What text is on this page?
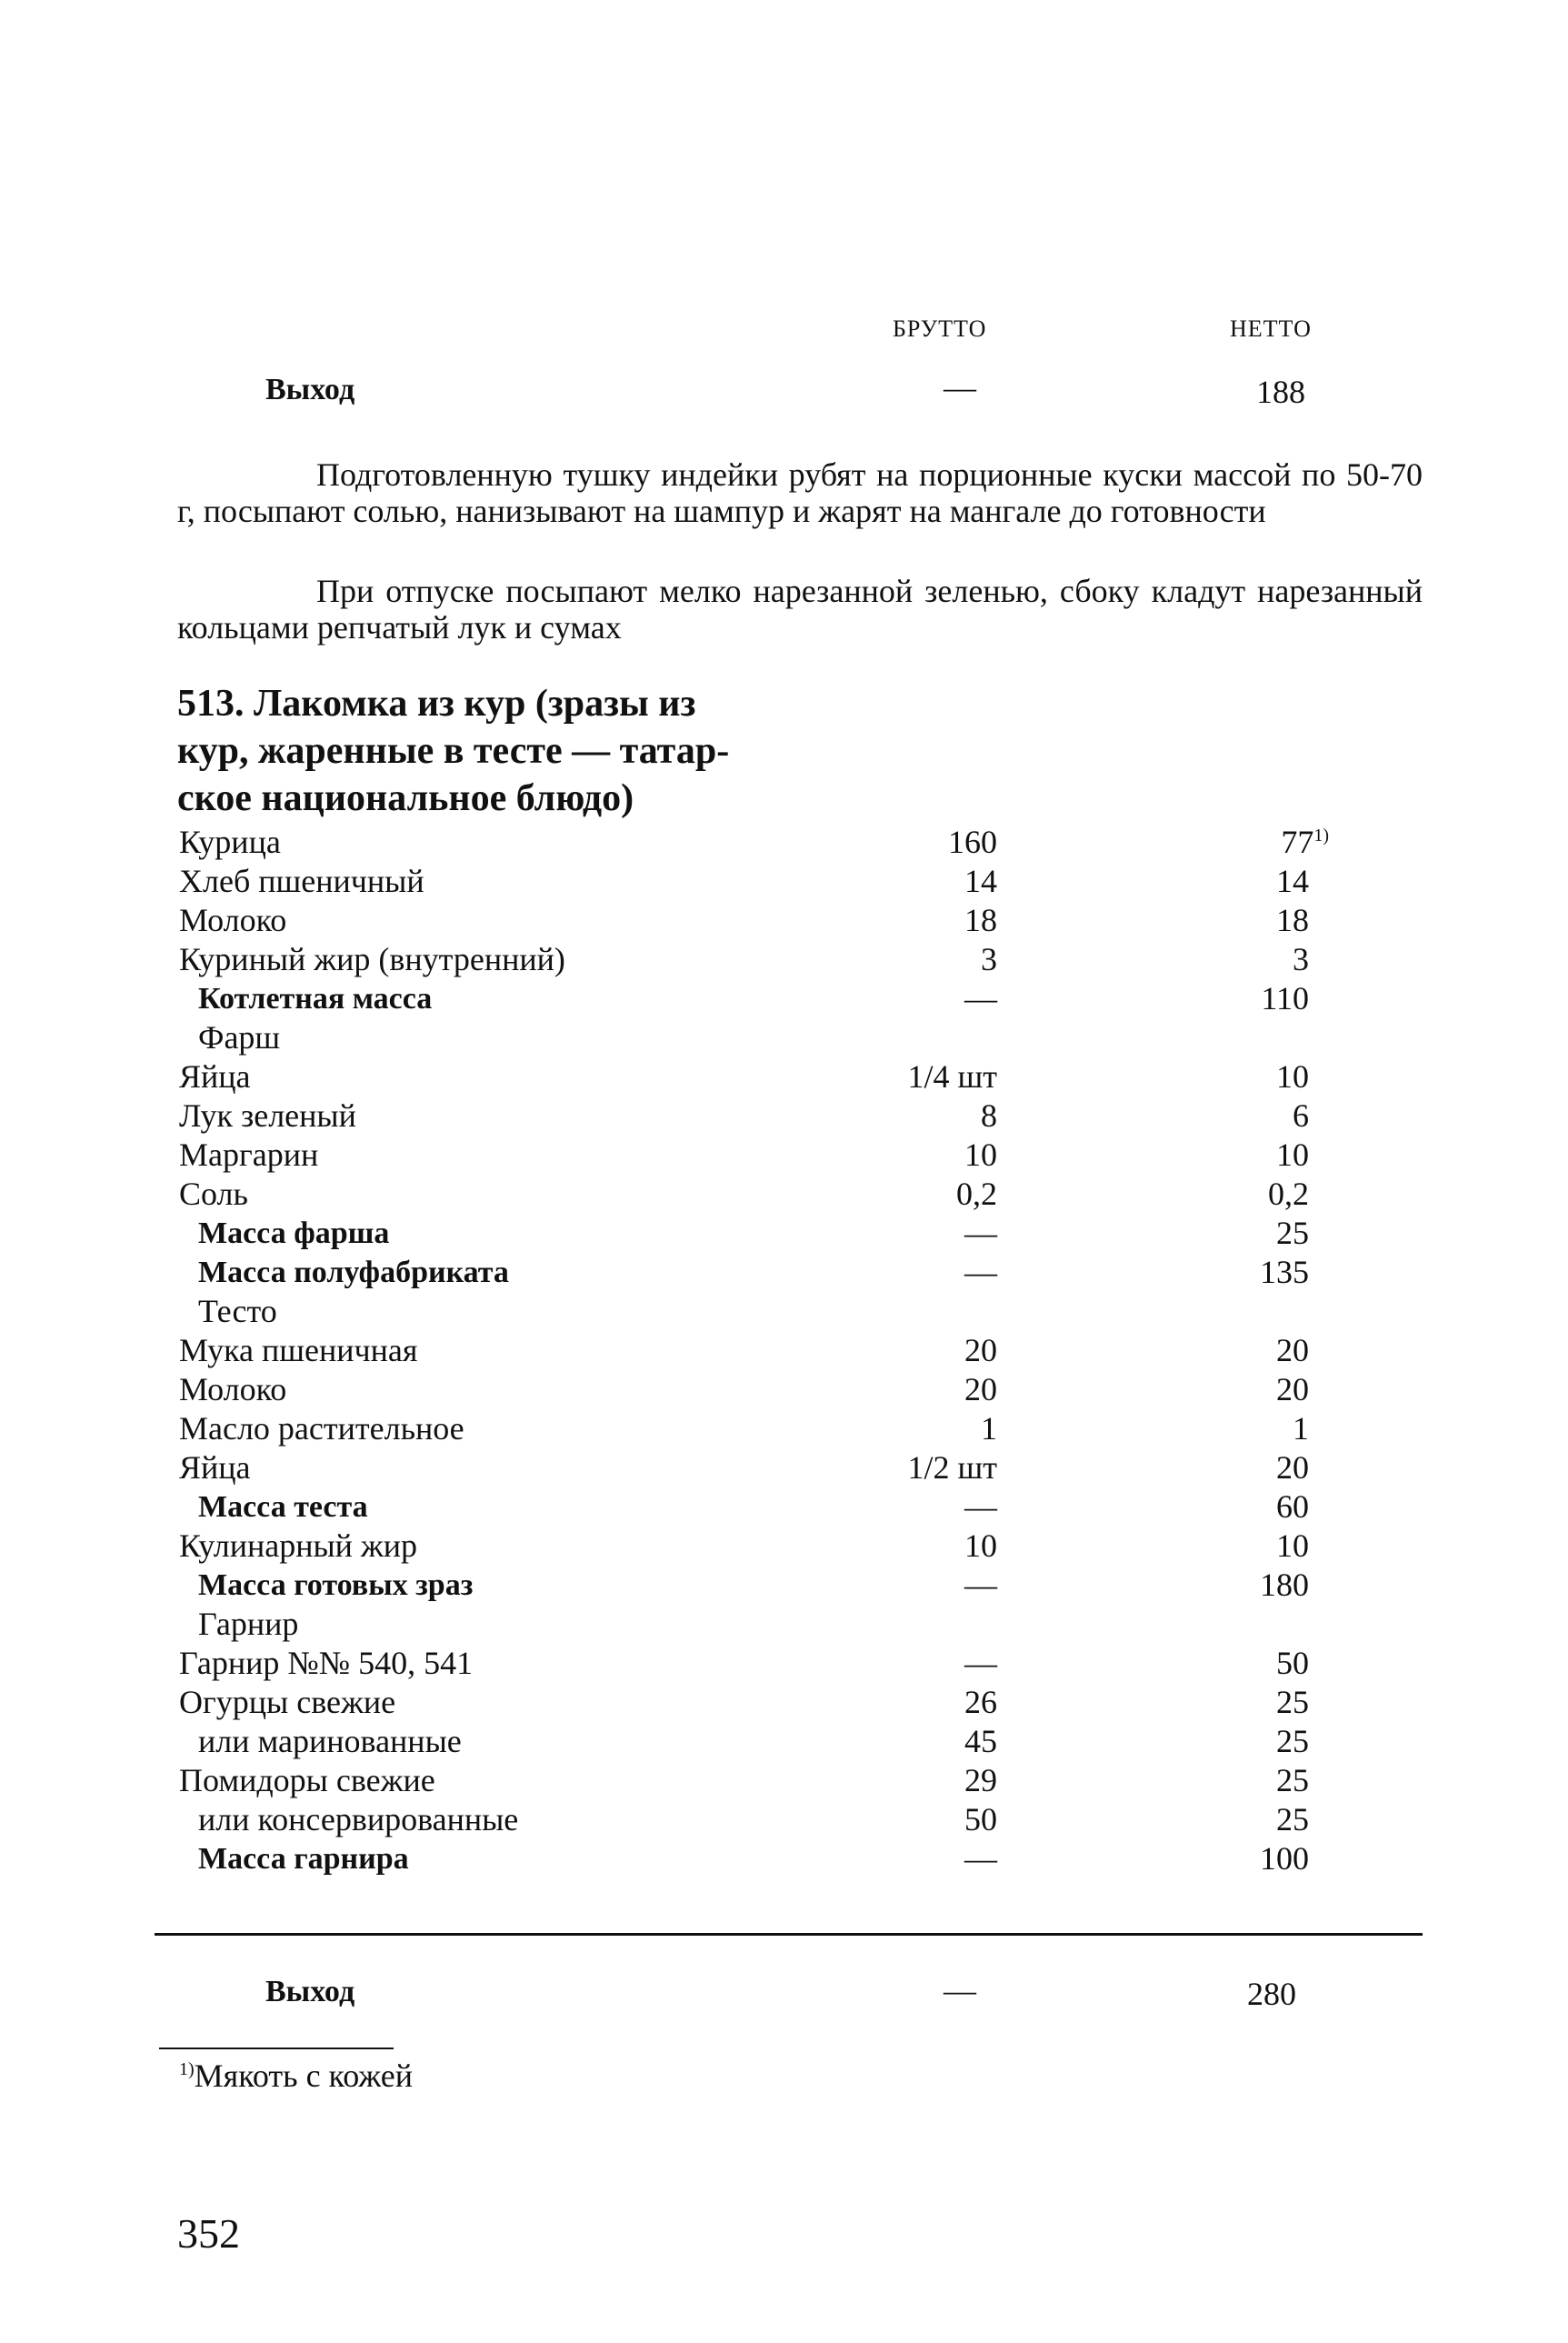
БРУТТО	НЕТТО
Выход	—	188
Подготовленную тушку индейки рубят на порционные куски массой по 50-70 г, посыпают солью, нанизывают на шампур и жарят на мангале до готовности
При отпуске посыпают мелко нарезанной зеленью, сбоку кладут нарезанный кольцами репчатый лук и сумах
513. Лакомка из кур (зразы из
кур, жаренные в тесте — татар-
ское национальное блюдо)
Курица	160	77$^{1)}$
Хлеб пшеничный	14	14
Молоко	18	18
Куриный жир (внутренний)	3	3
Котлетная масса	—	110
Фарш
Яйца	1/4 шт	10
Лук зеленый	8	6
Маргарин	10	10
Соль	0,2	0,2
Масса фарша	—	25
Масса полуфабриката	—	135
Тесто
Мука пшеничная	20	20
Молоко	20	20
Масло растительное	1	1
Яйца	1/2 шт	20
Масса теста	—	60
Кулинарный жир	10	10
Масса готовых зраз	—	180
Гарнир
Гарнир №№ 540, 541	—	50
Огурцы свежие	26	25
или маринованные	45	25
Помидоры свежие	29	25
или консервированные	50	25
Масса гарнира	—	100
Выход	—	280
$^{1)}$Мякоть с кожей
352
